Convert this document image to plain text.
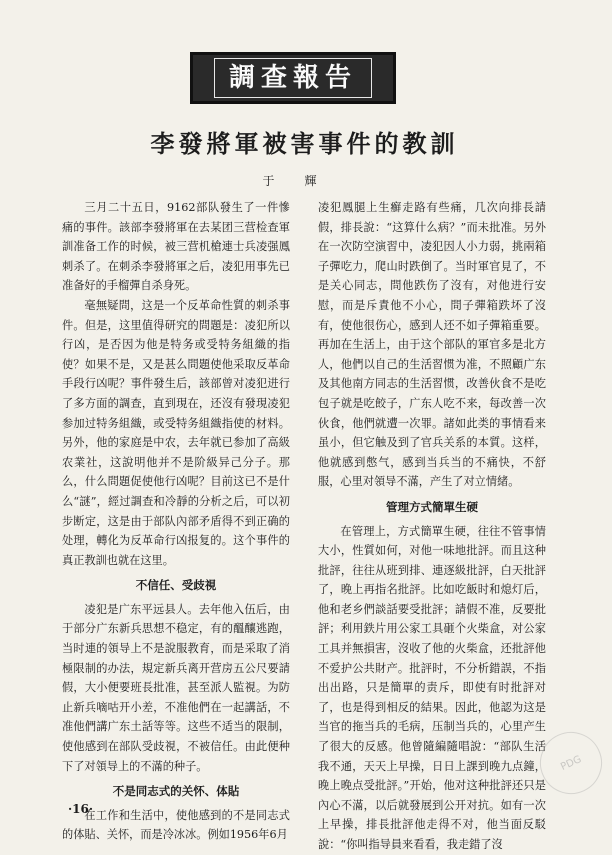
調查報告
李發將軍被害事件的教訓
于輝

三月二十五日，9162部队發生了一件慘痛的事件。該部李發將軍在去某团三营检查軍訓准备工作的时候，被三营机槍連士兵凌强鳳刺杀了。在刺杀李發將軍之后，凌犯用事先已准备好的手榴彈自杀身死。

毫無疑問，这是一个反革命性質的刺杀事件。但是，这里值得研究的問題是：凌犯所以行凶，是否因为他是特务或受特务組織的指使？如果不是，又是甚么問題使他采取反革命手段行凶呢？事件發生后，該部曾对凌犯进行了多方面的調查，直到現在，还沒有發現凌犯参加过特务組織，或受特务組織指使的材料。另外，他的家庭是中农，去年就已参加了高級农業社，这說明他并不是阶級异己分子。那么，什么問題促使他行凶呢？目前这已不是什么“謎”，經过調查和冷靜的分析之后，可以初步断定，这是由于部队內部矛盾得不到正确的处理，轉化为反革命行凶报复的。这个事件的真正教訓也就在这里。

不信任、受歧視

凌犯是广东平远县人。去年他入伍后，由于部分广东新兵思想不稳定，有的醞釀逃跑，当时連的領导上不是說服教育，而是采取了消極限制的办法，規定新兵离开营房五公尺要請假，大小便要班長批准，甚至派人監視。为防止新兵嘀咕开小差，不准他們在一起講話，不准他們講广东土話等等。这些不适当的限制，使他感到在部队受歧視，不被信任。由此便种下了对領导上的不滿的种子。

不是同志式的关怀、体貼

在工作和生活中，使他感到的不是同志式的体貼、关怀，而是冷冰冰。例如1956年6月

凌犯鳳腿上生癬走路有些痛，几次向排長請假，排長說：“这算什么病？”而未批准。另外在一次防空演習中，凌犯因人小力弱，挑兩箱子彈吃力，爬山时跌倒了。当时軍官見了，不是关心同志，問他跌伤了沒有，对他进行安慰，而是斥責他不小心，問子彈箱跌坏了沒有，使他很伤心，感到人还不如子彈箱重要。再加在生活上，由于这个部队的軍官多是北方人，他們以自己的生活習惯为准，不照顧广东及其他南方同志的生活習惯，改善伙食不是吃包子就是吃餃子，广东人吃不来，每改善一次伙食，他們就遭一次罪。諸如此类的事情看来虽小，但它触及到了官兵关系的本質。这样，他就感到憋气，感到当兵当的不痛快，不舒服，心里对領导不滿，产生了对立情緒。

管理方式簡單生硬

在管理上，方式簡單生硬，往往不管事情大小，性質如何，对他一味地批評。而且这种批評，往往从班到排、連逐級批評，白天批評了，晚上再指名批評。比如吃飯时和熄灯后，他和老乡們談話要受批評；請假不准，反要批評；利用鉄片用公家工具砸个火柴盒，对公家工具并無損害，沒收了他的火柴盒，还批評他不爱护公共財产。批評时，不分析錯誤，不指出出路，只是簡單的责斥，即使有时批評对了，也是得到相反的結果。因此，他認为这是当官的拖当兵的毛病，压制当兵的，心里产生了很大的反感。他曾隨編隨唱說：“部队生活我不通，天天上早操，日日上課到晚九点鐘，晚上晚点受批評。”开始，他对这种批評还只是內心不滿，以后就發展到公开对抗。如有一次上早操，排長批評他走得不对，他当面反駁說：“你叫指导員来看看，我走錯了沒

·16·
PDG
